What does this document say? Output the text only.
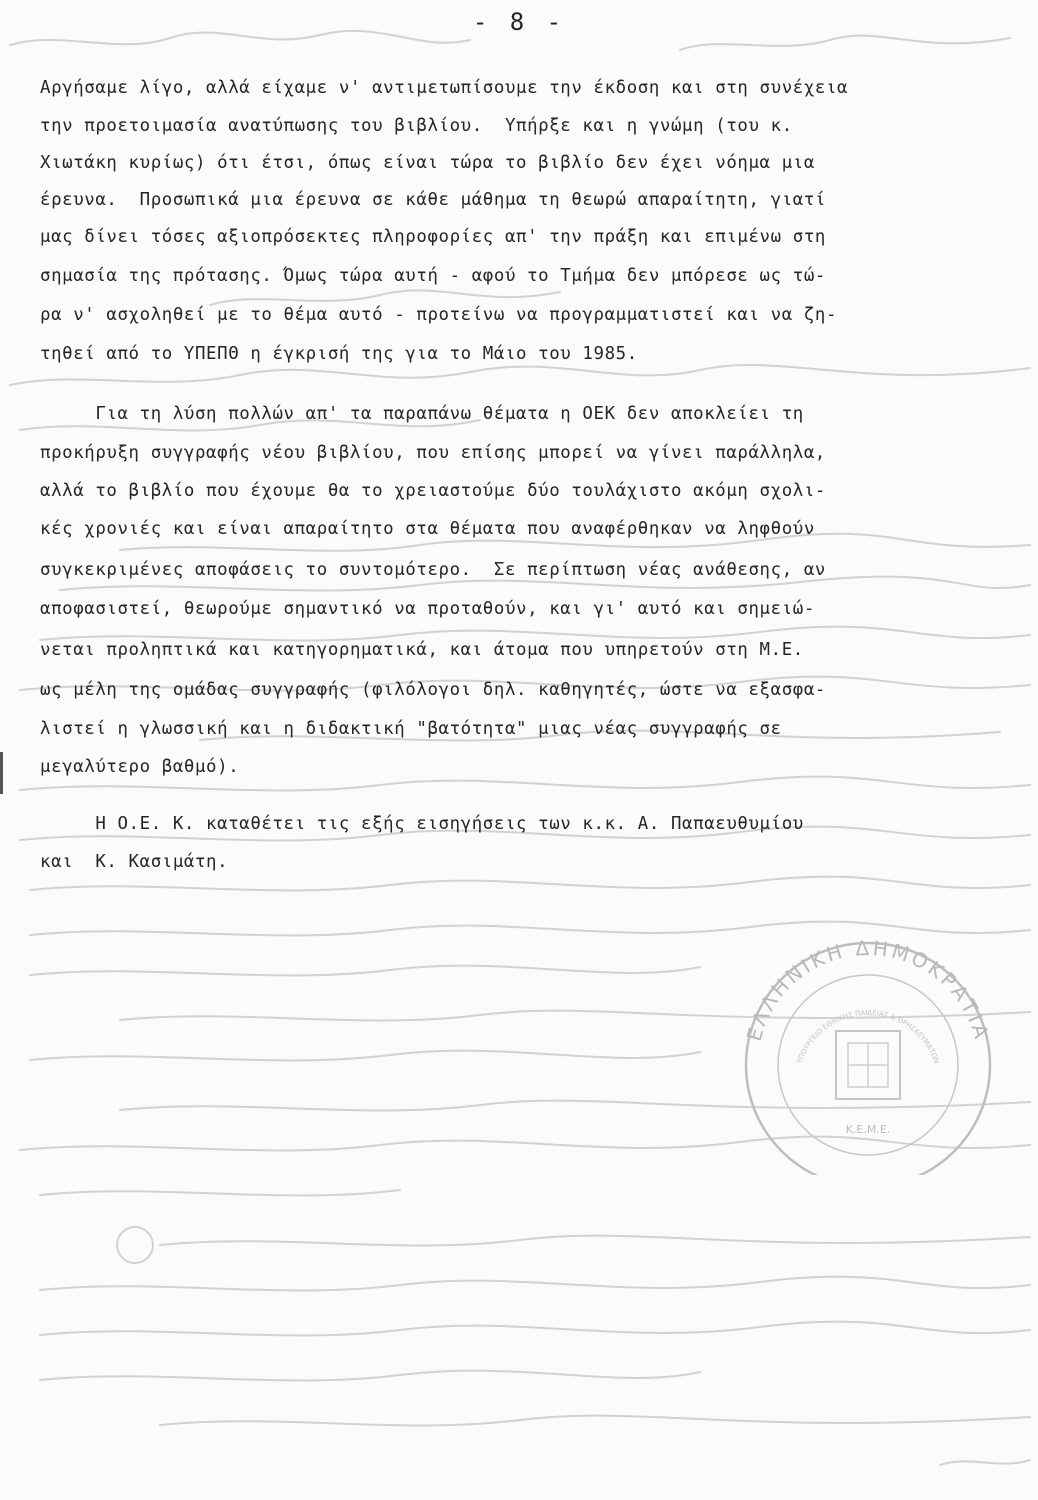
ΕΛΛΗΝΙΚΗ ΔΗΜΟΚΡΑΤΙΑ
ΥΠΟΥΡΓΕΙΟ ΕΘΝΙΚΗΣ ΠΑΙΔΕΙΑΣ & ΘΡΗΣΚΕΥΜΑΤΩΝ
Κ.Ε.Μ.Ε.
- 8 -
Αργήσαμε λίγο, αλλά είχαμε ν' αντιμετωπίσουμε την έκδοση και στη συνέχεια
την προετοιμασία ανατύπωσης του βιβλίου.  Υπήρξε και η γνώμη (του κ.
Χιωτάκη κυρίως) ότι έτσι, όπως είναι τώρα το βιβλίο δεν έχει νόημα μια
έρευνα.  Προσωπικά μια έρευνα σε κάθε μάθημα τη θεωρώ απαραίτητη, γιατί
μας δίνει τόσες αξιοπρόσεκτες πληροφορίες απ' την πράξη και επιμένω στη
σημασία της πρότασης. Όμως τώρα αυτή - αφού το Τμήμα δεν μπόρεσε ως τώ-
ρα ν' ασχοληθεί με το θέμα αυτό - προτείνω να προγραμματιστεί και να ζη-
τηθεί από το ΥΠΕΠΘ η έγκρισή της για το Μάιο του 1985.
Για τη λύση πολλών απ' τα παραπάνω θέματα η ΟΕΚ δεν αποκλείει τη
προκήρυξη συγγραφής νέου βιβλίου, που επίσης μπορεί να γίνει παράλληλα,
αλλά το βιβλίο που έχουμε θα το χρειαστούμε δύο τουλάχιστο ακόμη σχολι-
κές χρονιές και είναι απαραίτητο στα θέματα που αναφέρθηκαν να ληφθούν
συγκεκριμένες αποφάσεις το συντομότερο.  Σε περίπτωση νέας ανάθεσης, αν
αποφασιστεί, θεωρούμε σημαντικό να προταθούν, και γι' αυτό και σημειώ-
νεται προληπτικά και κατηγορηματικά, και άτομα που υπηρετούν στη Μ.Ε.
ως μέλη της ομάδας συγγραφής (φιλόλογοι δηλ. καθηγητές, ώστε να εξασφα-
λιστεί η γλωσσική και η διδακτική "βατότητα" μιας νέας συγγραφής σε
μεγαλύτερο βαθμό).
Η Ο.Ε. Κ. καταθέτει τις εξής εισηγήσεις των κ.κ. Α. Παπαευθυμίου
και  Κ. Κασιμάτη.
